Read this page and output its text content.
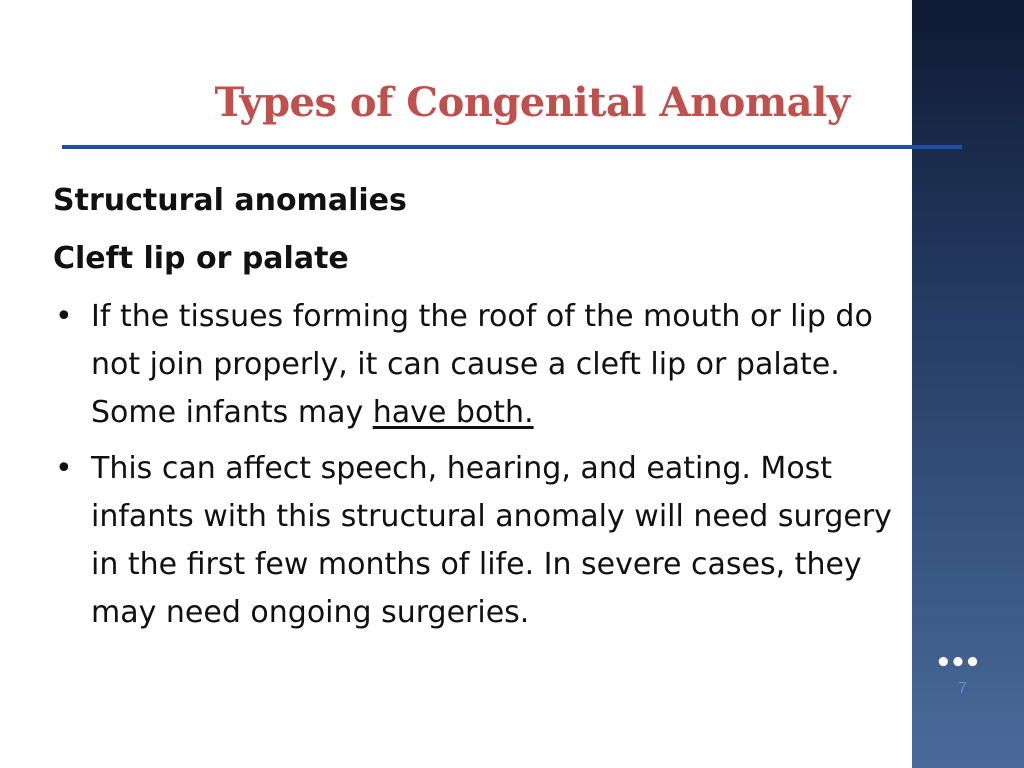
Types of Congenital Anomaly
Structural anomalies
Cleft lip or palate
• If the tissues forming the roof of the mouth or lip do not join properly, it can cause a cleft lip or palate. Some infants may have both.
• This can affect speech, hearing, and eating. Most infants with this structural anomaly will need surgery in the first few months of life. In severe cases, they may need ongoing surgeries.
•••
7
